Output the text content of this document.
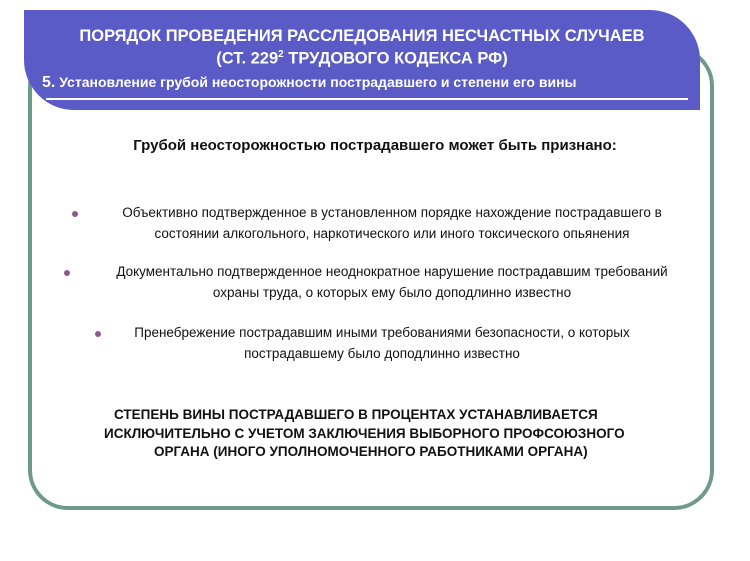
ПОРЯДОК ПРОВЕДЕНИЯ РАССЛЕДОВАНИЯ НЕСЧАСТНЫХ СЛУЧАЕВ
(СТ. $229^2$ ТРУДОВОГО КОДЕКСА РФ)
5. Установление грубой неосторожности пострадавшего и степени его вины
Грубой неосторожностью пострадавшего может быть признано:
Объективно подтвержденное в установленном порядке нахождение пострадавшего в
состоянии алкогольного, наркотического или иного токсического опьянения
Документально подтвержденное неоднократное нарушение пострадавшим требований
охраны труда, о которых ему было доподлинно известно
Пренебрежение пострадавшим иными требованиями безопасности, о которых
пострадавшему было доподлинно известно
СТЕПЕНЬ ВИНЫ ПОСТРАДАВШЕГО В ПРОЦЕНТАХ УСТАНАВЛИВАЕТСЯ
ИСКЛЮЧИТЕЛЬНО С УЧЕТОМ ЗАКЛЮЧЕНИЯ ВЫБОРНОГО ПРОФСОЮЗНОГО
ОРГАНА (ИНОГО УПОЛНОМОЧЕННОГО РАБОТНИКАМИ ОРГАНА)
